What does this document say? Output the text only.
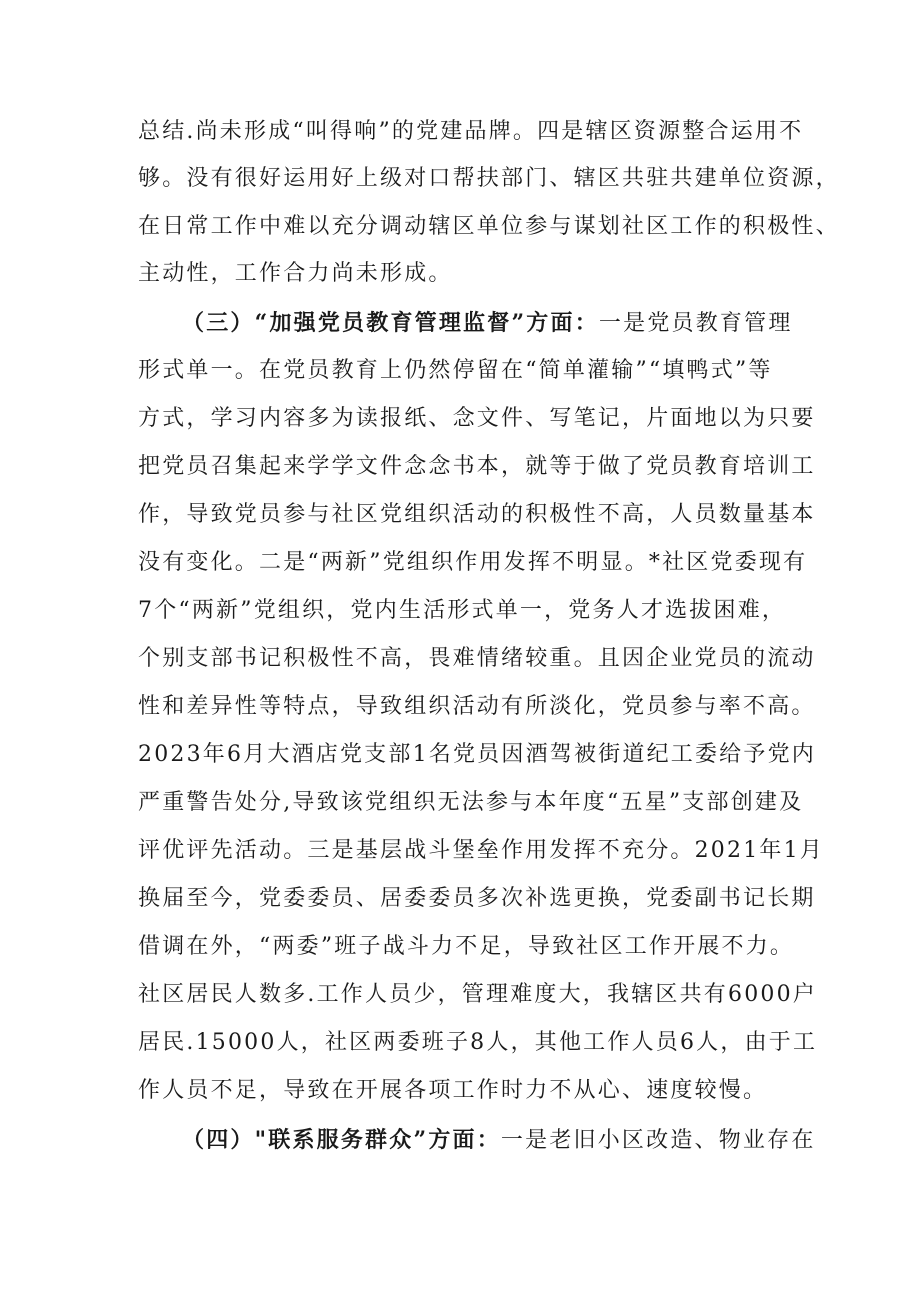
总结.尚未形成“叫得响”的党建品牌。四是辖区资源整合运用不
够。没有很好运用好上级对口帮扶部门、辖区共驻共建单位资源，
在日常工作中难以充分调动辖区单位参与谋划社区工作的积极性、
主动性，工作合力尚未形成。
（三）“加强党员教育管理监督”方面：一是党员教育管理
形式单一。在党员教育上仍然停留在“简单灌输”“填鸭式”等
方式，学习内容多为读报纸、念文件、写笔记，片面地以为只要
把党员召集起来学学文件念念书本，就等于做了党员教育培训工
作，导致党员参与社区党组织活动的积极性不高，人员数量基本
没有变化。二是“两新”党组织作用发挥不明显。*社区党委现有
7个“两新”党组织，党内生活形式单一，党务人才选拔困难，
个别支部书记积极性不高，畏难情绪较重。且因企业党员的流动
性和差异性等特点，导致组织活动有所淡化，党员参与率不高。
2023年6月大酒店党支部1名党员因酒驾被街道纪工委给予党内
严重警告处分,导致该党组织无法参与本年度“五星”支部创建及
评优评先活动。三是基层战斗堡垒作用发挥不充分。2021年1月
换届至今，党委委员、居委委员多次补选更换，党委副书记长期
借调在外，“两委”班子战斗力不足，导致社区工作开展不力。
社区居民人数多.工作人员少，管理难度大，我辖区共有6000户
居民.15000人，社区两委班子8人，其他工作人员6人，由于工
作人员不足，导致在开展各项工作时力不从心、速度较慢。
（四）"联系服务群众”方面：一是老旧小区改造、物业存在
